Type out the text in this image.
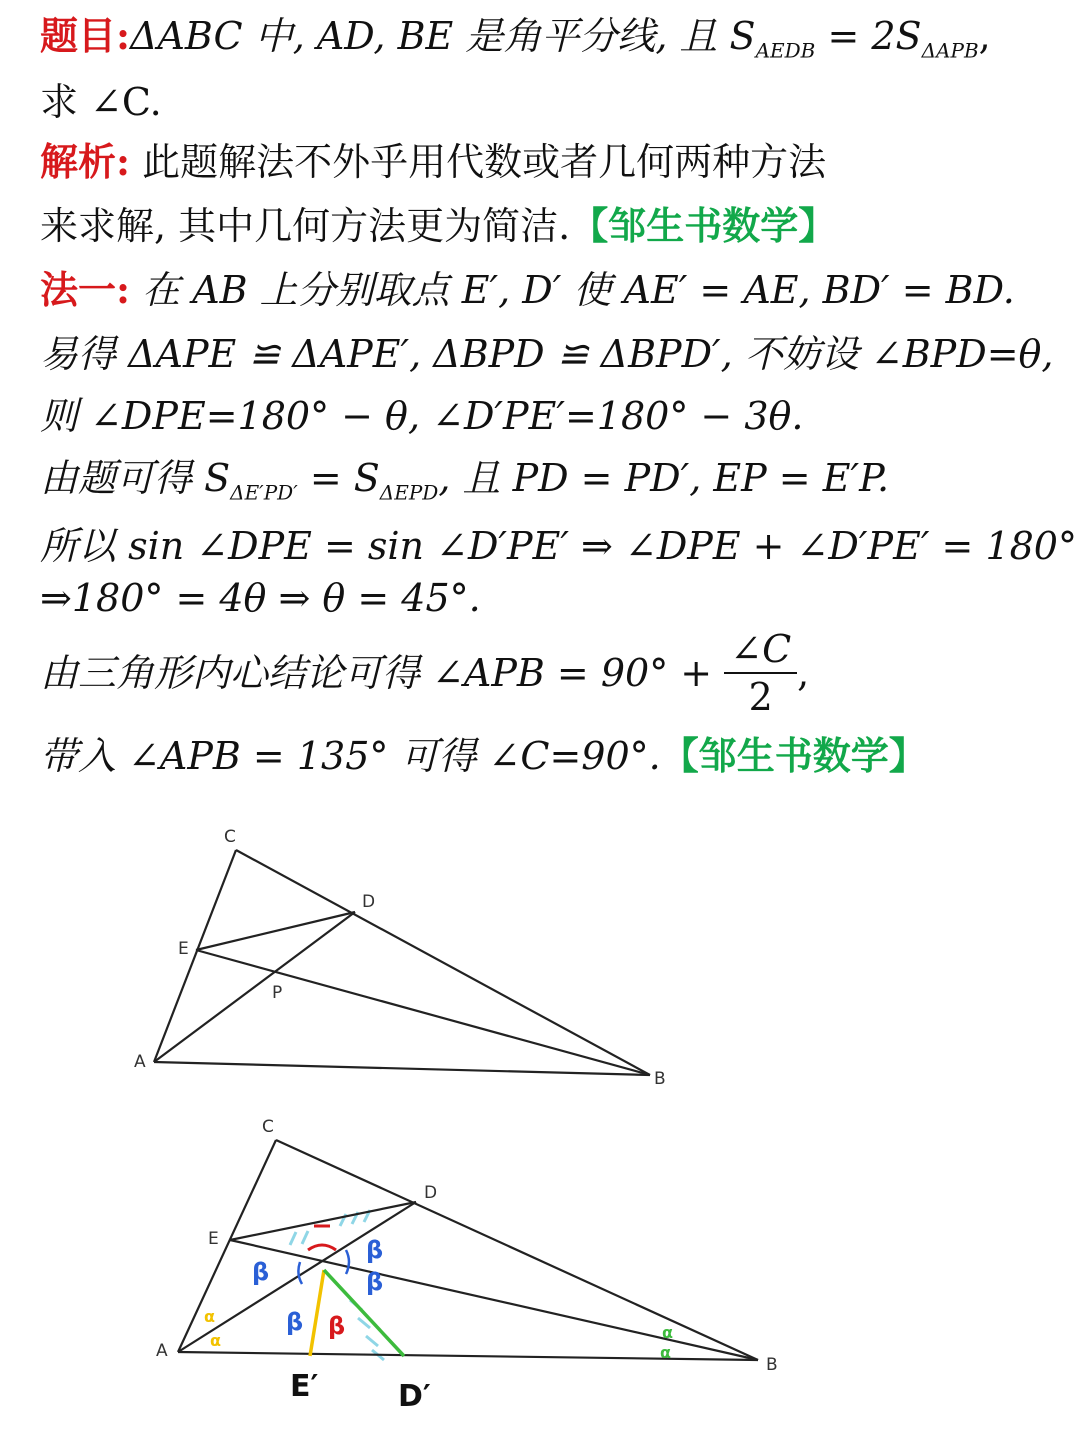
题目:ΔABC 中, AD, BE 是角平分线, 且 $S_{AEDB} = 2S_{\Delta APB}$,
求 ∠C.
解析: 此题解法不外乎用代数或者几何两种方法
来求解, 其中几何方法更为简洁.【邹生书数学】
法一: 在 AB 上分别取点 E′, D′ 使 AE′ = AE, BD′ = BD.
易得 ΔAPE ≌ ΔAPE′, ΔBPD ≌ ΔBPD′, 不妨设 ∠BPD=θ,
则 ∠DPE=180° − θ, ∠D′PE′=180° − 3θ.
由题可得 $S_{\Delta E'PD'} = S_{\Delta EPD}$, 且 PD = PD′, EP = E′P.
所以 sin ∠DPE = sin ∠D′PE′ ⇒ ∠DPE + ∠D′PE′ = 180°
⇒180° = 4θ ⇒ θ = 45°.
由三角形内心结论可得 ∠APB = $90^\circ + \frac{\angle C}{2}$ ,
带入 ∠APB = 135° 可得 ∠C=90°.【邹生书数学】
C
D
E
P
A
B
β
β
β
β
β
α
α	α
α
C
D
E
A
B
E′	D′
